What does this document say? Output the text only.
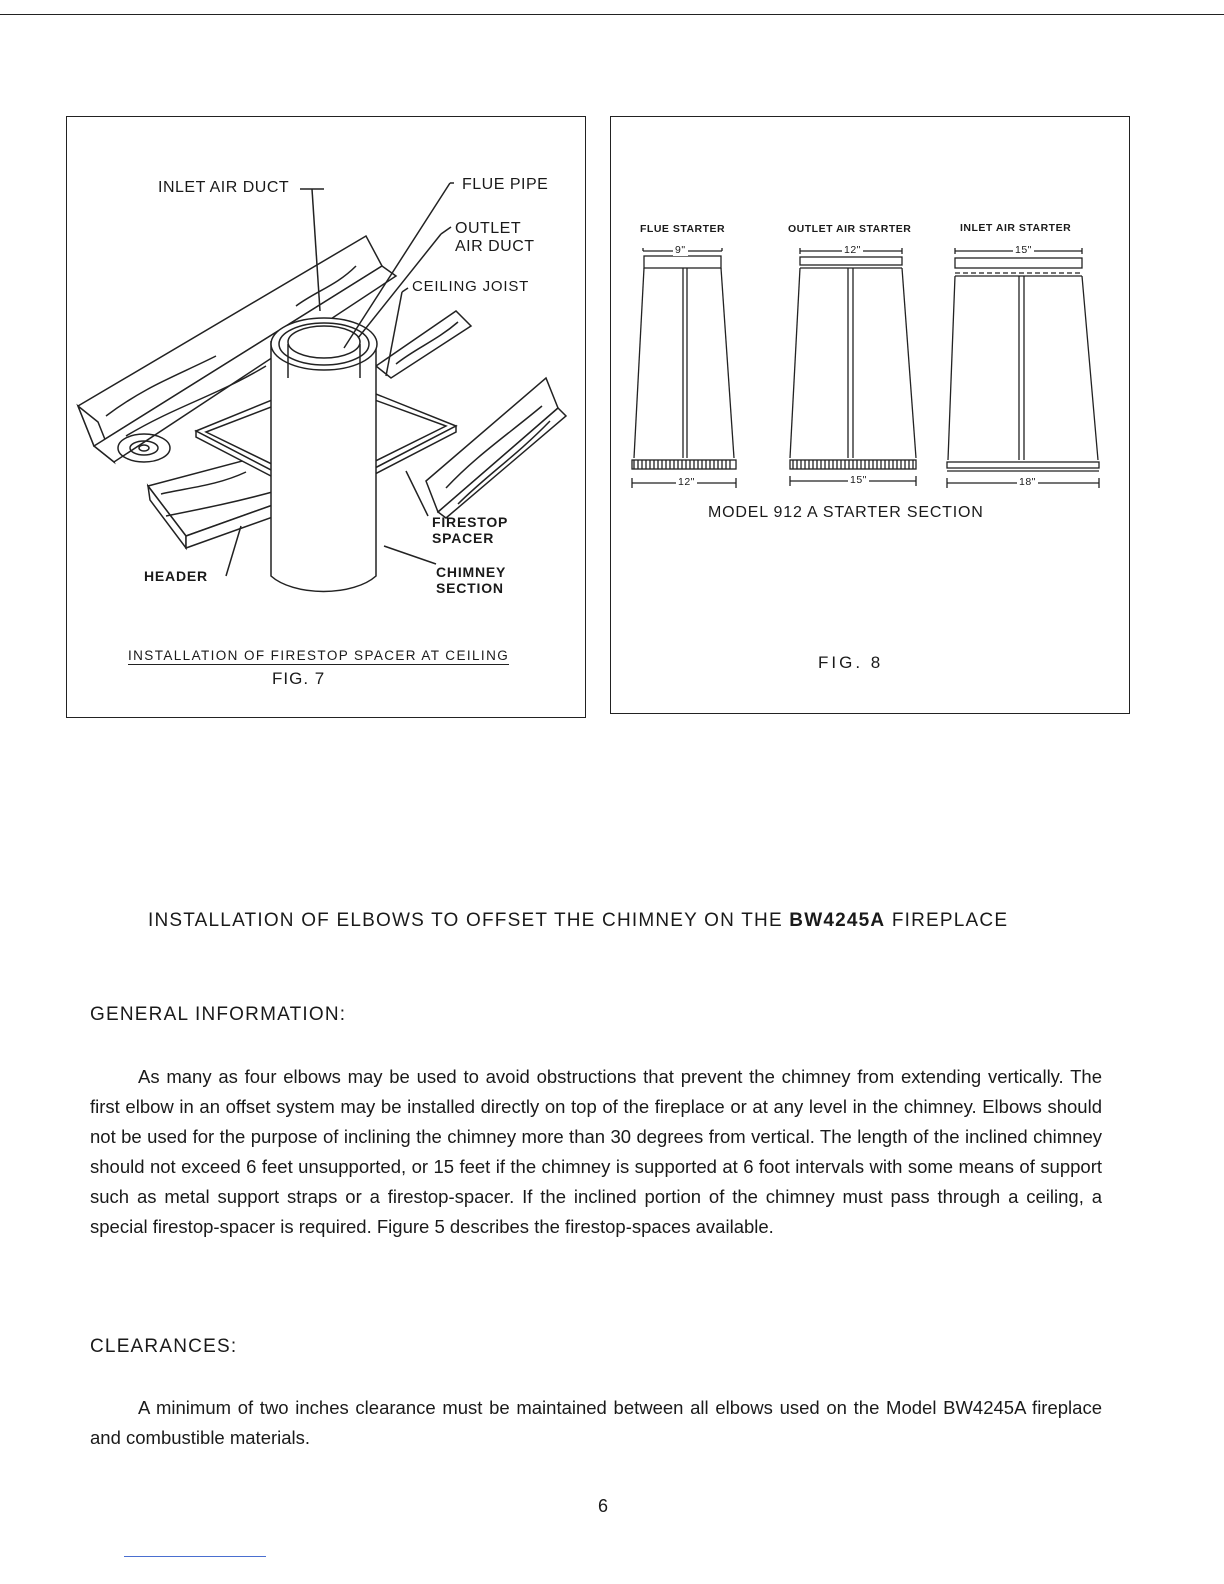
INLET AIR DUCT	FLUE PIPE
OUTLET
AIR DUCT
CEILING JOIST
FIRESTOP
SPACER
HEADER	CHIMNEY
SECTION
INSTALLATION OF FIRESTOP SPACER AT CEILING
FIG. 7
FLUE STARTER	OUTLET AIR STARTER	INLET AIR STARTER
9"	12"	15"
12"	15"	18"
MODEL 912 A STARTER SECTION
FIG. 8
INSTALLATION OF ELBOWS TO OFFSET THE CHIMNEY ON THE BW4245A FIREPLACE
GENERAL INFORMATION:
As many as four elbows may be used to avoid obstructions that prevent the chimney from extending vertically. The first elbow in an offset system may be installed directly on top of the fireplace or at any level in the chimney. Elbows should not be used for the purpose of inclining the chimney more than 30 degrees from vertical. The length of the inclined chimney should not exceed 6 feet unsupported, or 15 feet if the chimney is supported at 6 foot intervals with some means of support such as metal support straps or a firestop-spacer. If the inclined portion of the chimney must pass through a ceiling, a special firestop-spacer is required. Figure 5 describes the firestop-spaces available.
CLEARANCES:
A minimum of two inches clearance must be maintained between all elbows used on the Model BW4245A fireplace and combustible materials.
6
